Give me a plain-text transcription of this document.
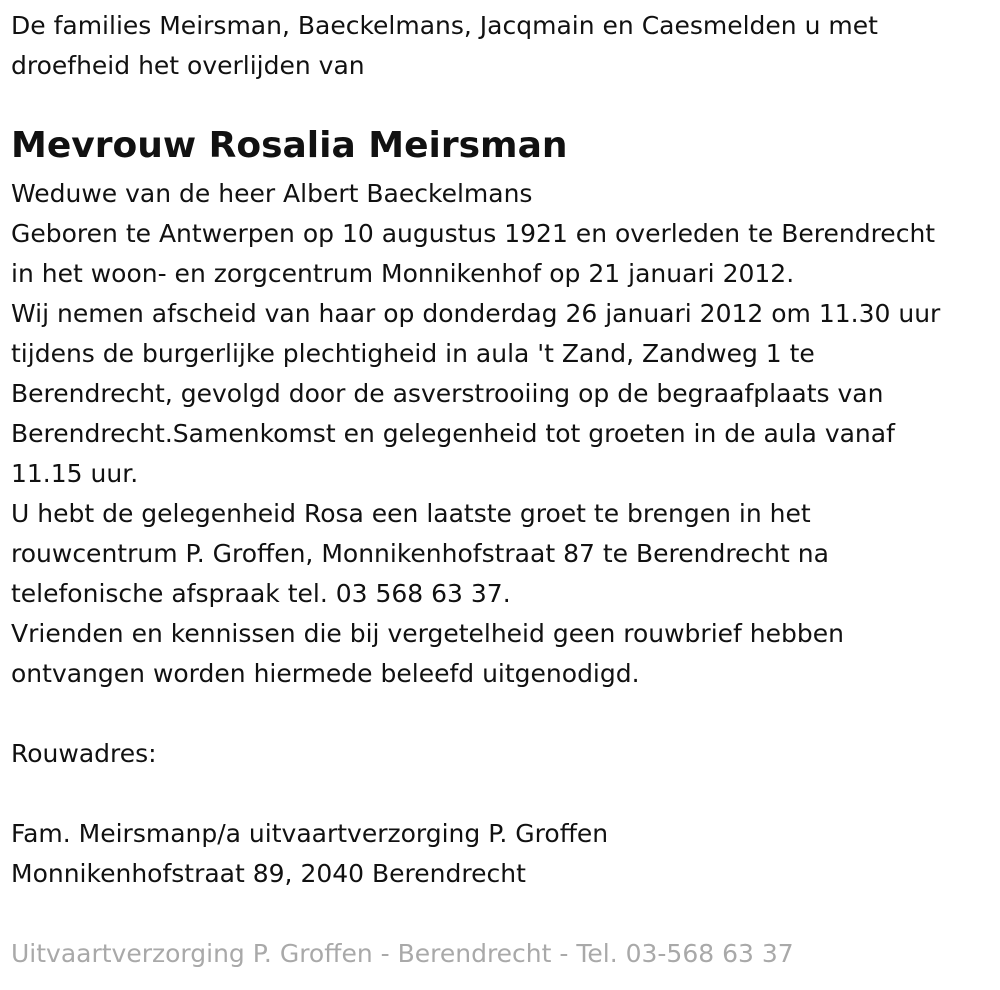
De families Meirsman, Baeckelmans, Jacqmain en Caesmelden u met
droefheid het overlijden van
Mevrouw Rosalia Meirsman
Weduwe van de heer Albert Baeckelmans
Geboren te Antwerpen op 10 augustus 1921 en overleden te Berendrecht
in het woon- en zorgcentrum Monnikenhof op 21 januari 2012.
Wij nemen afscheid van haar op donderdag 26 januari 2012 om 11.30 uur
tijdens de burgerlijke plechtigheid in aula 't Zand, Zandweg 1 te
Berendrecht, gevolgd door de asverstrooiing op de begraafplaats van
Berendrecht.Samenkomst en gelegenheid tot groeten in de aula vanaf
11.15 uur.
U hebt de gelegenheid Rosa een laatste groet te brengen in het
rouwcentrum P. Groffen, Monnikenhofstraat 87 te Berendrecht na
telefonische afspraak tel. 03 568 63 37.
Vrienden en kennissen die bij vergetelheid geen rouwbrief hebben
ontvangen worden hiermede beleefd uitgenodigd.
Rouwadres:
Fam. Meirsmanp/a uitvaartverzorging P. Groffen
Monnikenhofstraat 89, 2040 Berendrecht
Uitvaartverzorging P. Groffen - Berendrecht - Tel. 03-568 63 37
